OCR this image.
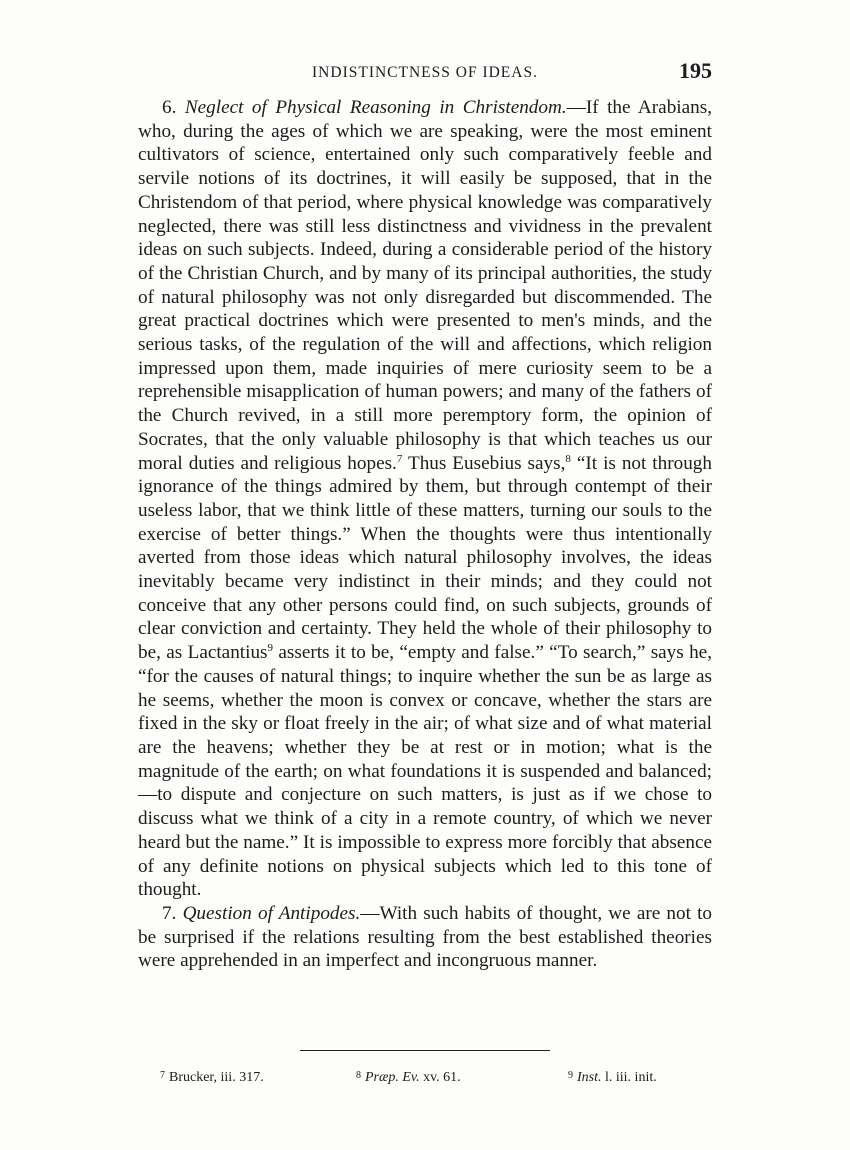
INDISTINCTNESS OF IDEAS.	195

6. Neglect of Physical Reasoning in Christendom.—If the Arabians, who, during the ages of which we are speaking, were the most eminent cultivators of science, entertained only such comparatively feeble and servile notions of its doctrines, it will easily be supposed, that in the Christendom of that period, where physical knowledge was comparatively neglected, there was still less distinctness and vividness in the prevalent ideas on such subjects. Indeed, during a considerable period of the history of the Christian Church, and by many of its principal authorities, the study of natural philosophy was not only disregarded but discommended. The great practical doctrines which were presented to men's minds, and the serious tasks, of the regulation of the will and affections, which religion impressed upon them, made inquiries of mere curiosity seem to be a reprehensible misapplication of human powers; and many of the fathers of the Church revived, in a still more peremptory form, the opinion of Socrates, that the only valuable philosophy is that which teaches us our moral duties and religious hopes.$^7$ Thus Eusebius says,$^8$ “It is not through ignorance of the things admired by them, but through contempt of their useless labor, that we think little of these matters, turning our souls to the exercise of better things.” When the thoughts were thus intentionally averted from those ideas which natural philosophy involves, the ideas inevitably became very indistinct in their minds; and they could not conceive that any other persons could find, on such subjects, grounds of clear conviction and certainty. They held the whole of their philosophy to be, as Lactantius$^9$ asserts it to be, “empty and false.” “To search,” says he, “for the causes of natural things; to inquire whether the sun be as large as he seems, whether the moon is convex or concave, whether the stars are fixed in the sky or float freely in the air; of what size and of what material are the heavens; whether they be at rest or in motion; what is the magnitude of the earth; on what foundations it is suspended and balanced;—to dispute and conjecture on such matters, is just as if we chose to discuss what we think of a city in a remote country, of which we never heard but the name.” It is impossible to express more forcibly that absence of any definite notions on physical subjects which led to this tone of thought.

7. Question of Antipodes.—With such habits of thought, we are not to be surprised if the relations resulting from the best established theories were apprehended in an imperfect and incongruous manner.

$^7$ Brucker, iii. 317.	$^8$ Præp. Ev. xv. 61.	$^9$ Inst. l. iii. init.
